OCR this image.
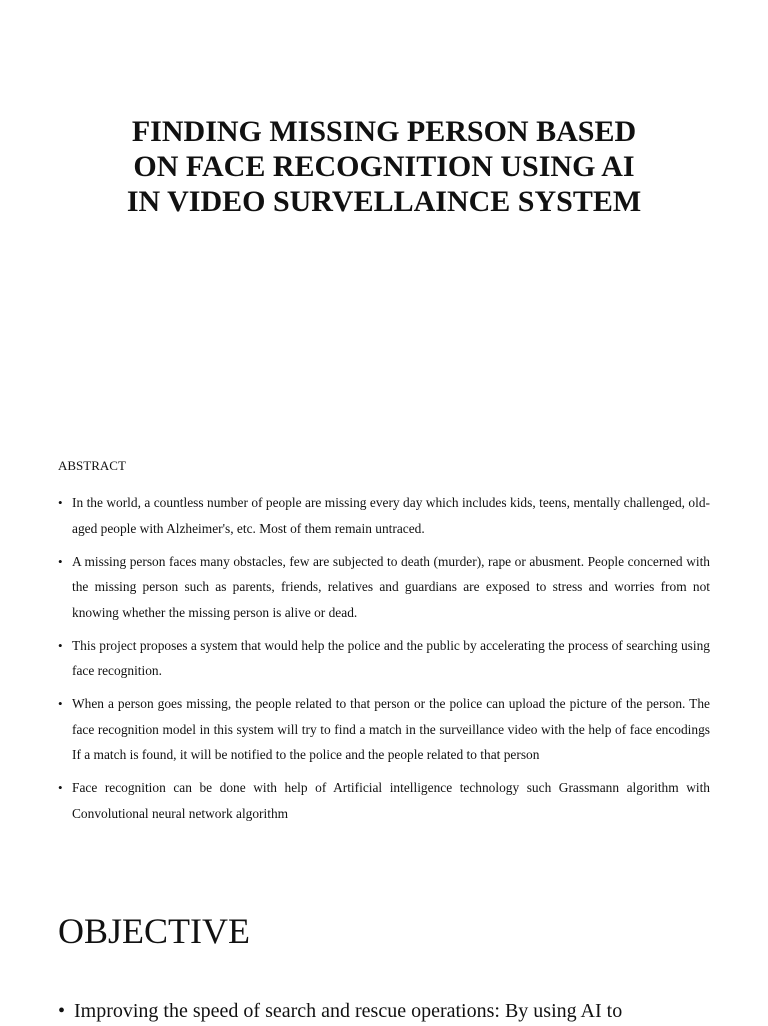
FINDING MISSING PERSON BASED
ON FACE RECOGNITION USING AI
IN VIDEO SURVELLAINCE SYSTEM

ABSTRACT

• In the world, a countless number of people are missing every day which includes kids, teens, mentally challenged, old-aged people with Alzheimer's, etc. Most of them remain untraced.
• A missing person faces many obstacles, few are subjected to death (murder), rape or abusment. People concerned with the missing person such as parents, friends, relatives and guardians are exposed to stress and worries from not knowing whether the missing person is alive or dead.
• This project proposes a system that would help the police and the public by accelerating the process of searching using face recognition.
• When a person goes missing, the people related to that person or the police can upload the picture of the person. The face recognition model in this system will try to find a match in the surveillance video with the help of face encodings If a match is found, it will be notified to the police and the people related to that person
• Face recognition can be done with help of Artificial intelligence technology such Grassmann algorithm with Convolutional neural network algorithm
OBJECTIVE
• Improving the speed of search and rescue operations: By using AI to
